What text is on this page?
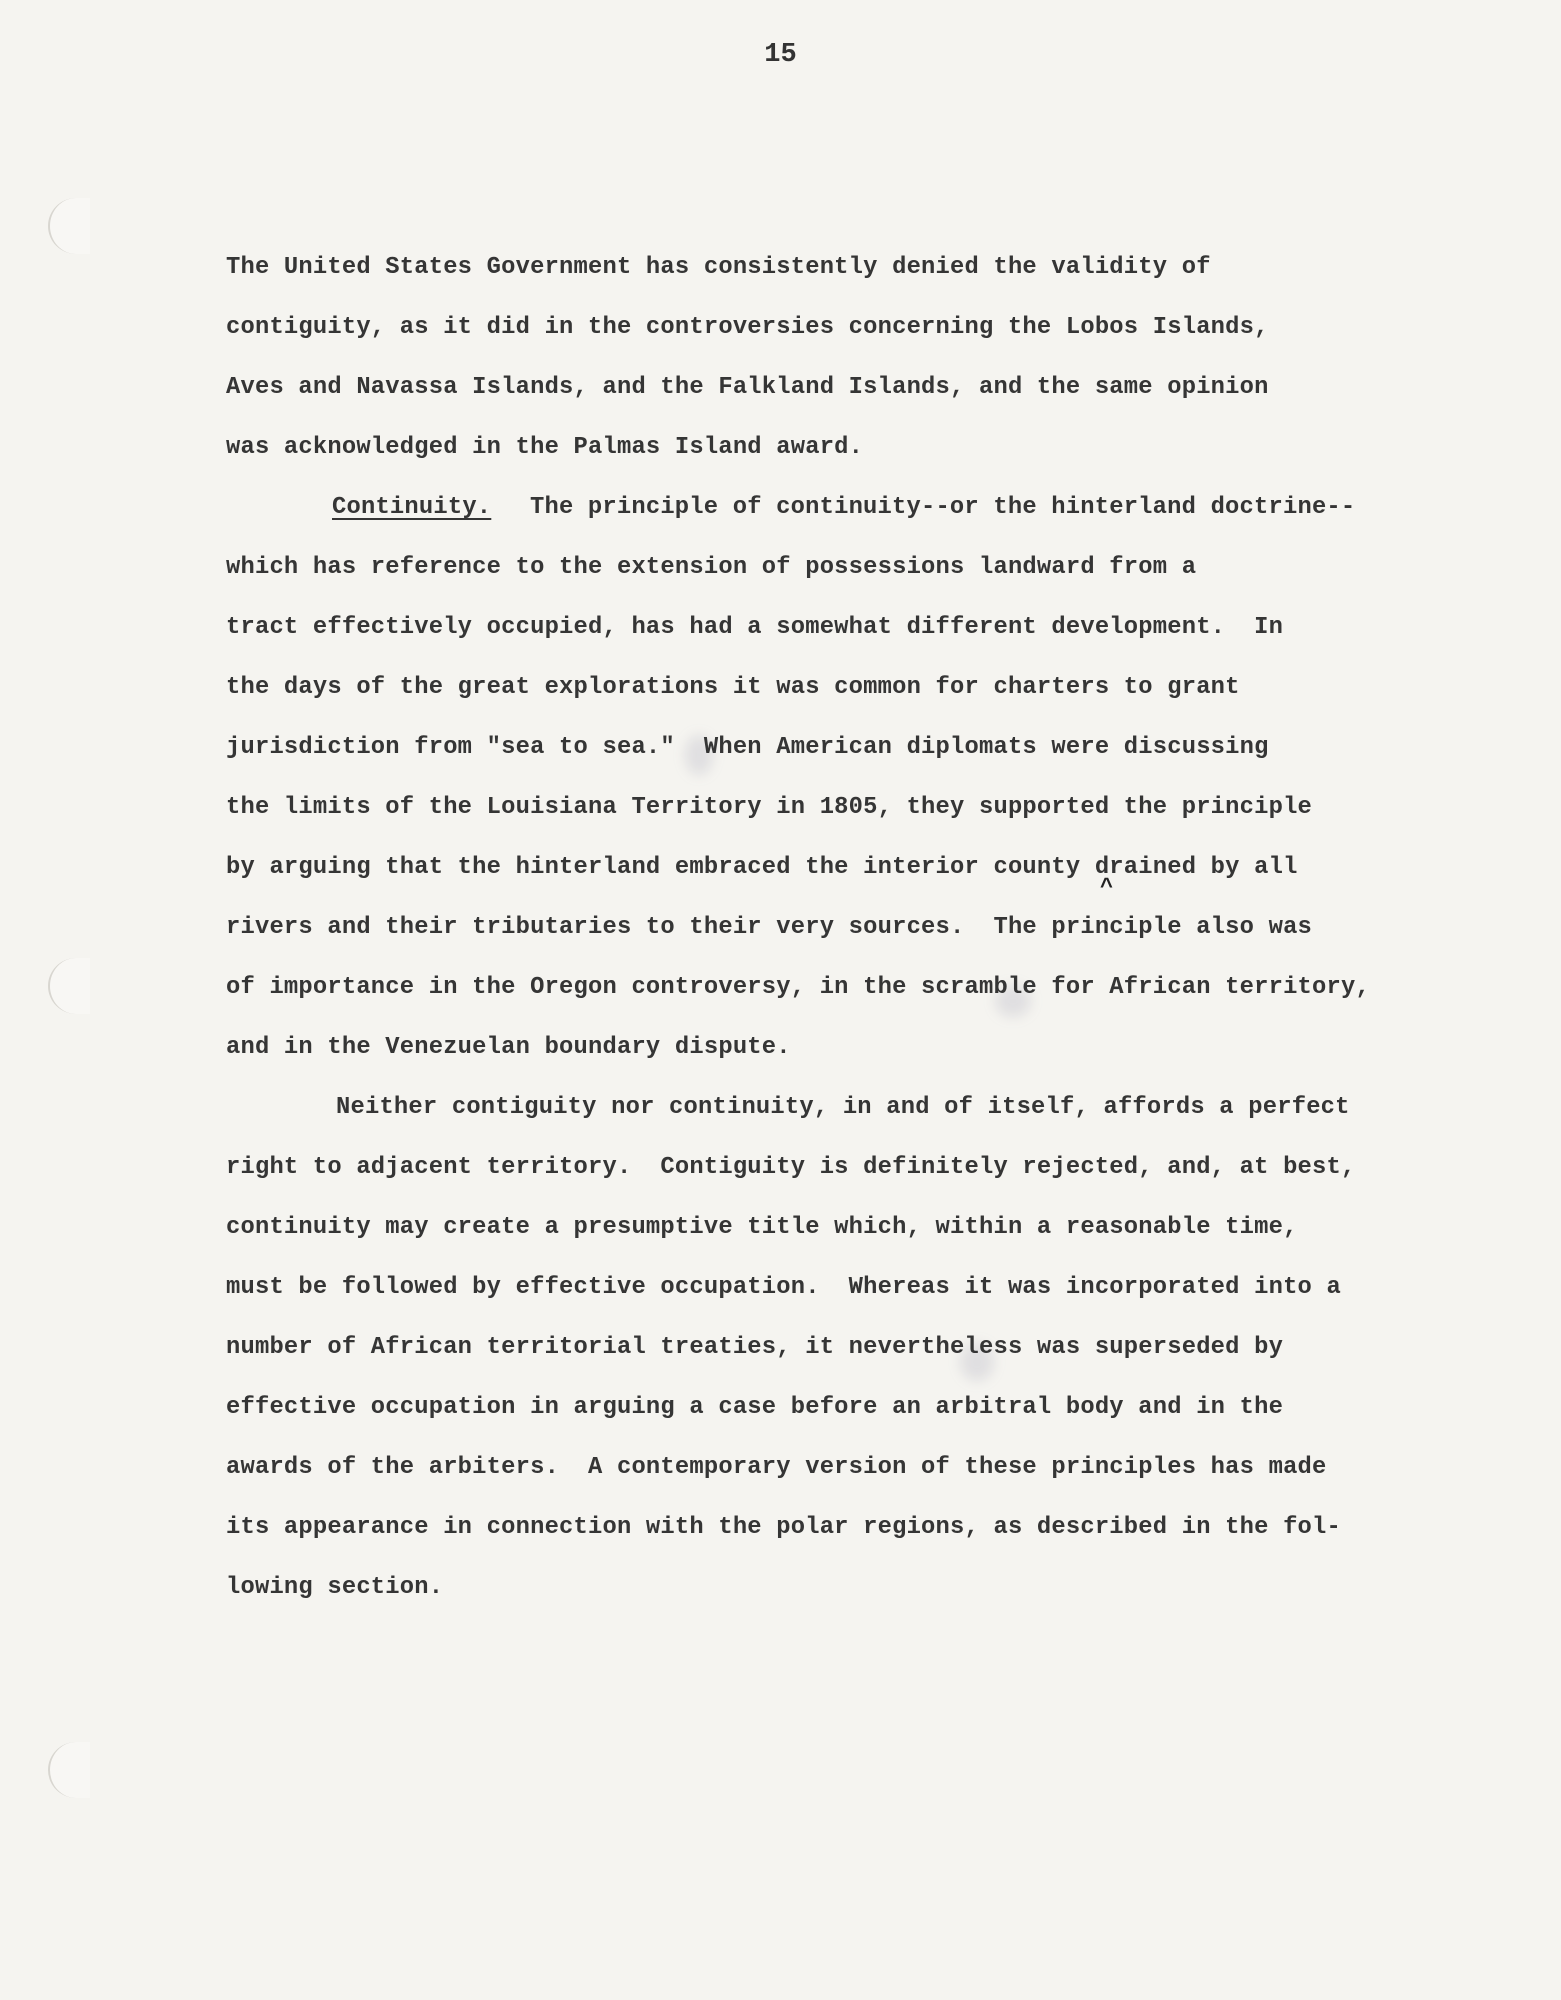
15
The United States Government has consistently denied the validity of
contiguity, as it did in the controversies concerning the Lobos Islands,
Aves and Navassa Islands, and the Falkland Islands, and the same opinion
was acknowledged in the Palmas Island award.
Continuity. The principle of continuity--or the hinterland doctrine--
which has reference to the extension of possessions landward from a
tract effectively occupied, has had a somewhat different development.  In
the days of the great explorations it was common for charters to grant
jurisdiction from "sea to sea."  When American diplomats were discussing
the limits of the Louisiana Territory in 1805, they supported the principle
by arguing that the hinterland embraced the interior county drained by all
^
rivers and their tributaries to their very sources.  The principle also was
of importance in the Oregon controversy, in the scramble for African territory,
and in the Venezuelan boundary dispute.
Neither contiguity nor continuity, in and of itself, affords a perfect
right to adjacent territory.  Contiguity is definitely rejected, and, at best,
continuity may create a presumptive title which, within a reasonable time,
must be followed by effective occupation.  Whereas it was incorporated into a
number of African territorial treaties, it nevertheless was superseded by
effective occupation in arguing a case before an arbitral body and in the
awards of the arbiters.  A contemporary version of these principles has made
its appearance in connection with the polar regions, as described in the fol-
lowing section.
